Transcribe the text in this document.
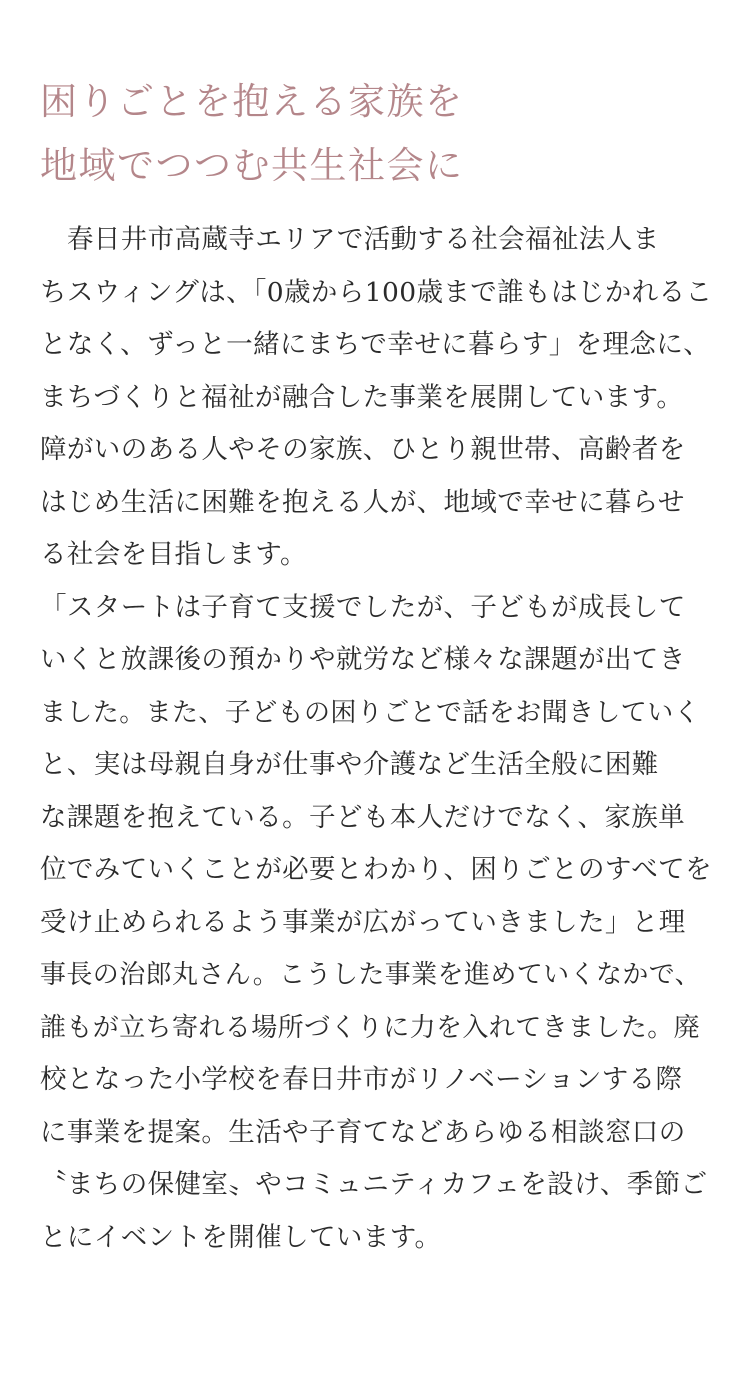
困りごとを抱える家族を
地域でつつむ共生社会に
　春日井市高蔵寺エリアで活動する社会福祉法人ま
ちスウィングは、「0歳から100歳まで誰もはじかれるこ
となく、ずっと一緒にまちで幸せに暮らす」を理念に、
まちづくりと福祉が融合した事業を展開しています。
障がいのある人やその家族、ひとり親世帯、高齢者を
はじめ生活に困難を抱える人が、地域で幸せに暮らせ
る社会を目指します。
「スタートは子育て支援でしたが、子どもが成長して
いくと放課後の預かりや就労など様々な課題が出てき
ました。また、子どもの困りごとで話をお聞きしていく
と、実は母親自身が仕事や介護など生活全般に困難
な課題を抱えている。子ども本人だけでなく、家族単
位でみていくことが必要とわかり、困りごとのすべてを
受け止められるよう事業が広がっていきました」と理
事長の治郎丸さん。こうした事業を進めていくなかで、
誰もが立ち寄れる場所づくりに力を入れてきました。廃
校となった小学校を春日井市がリノベーションする際
に事業を提案。生活や子育てなどあらゆる相談窓口の
〝まちの保健室〟やコミュニティカフェを設け、季節ご
とにイベントを開催しています。
